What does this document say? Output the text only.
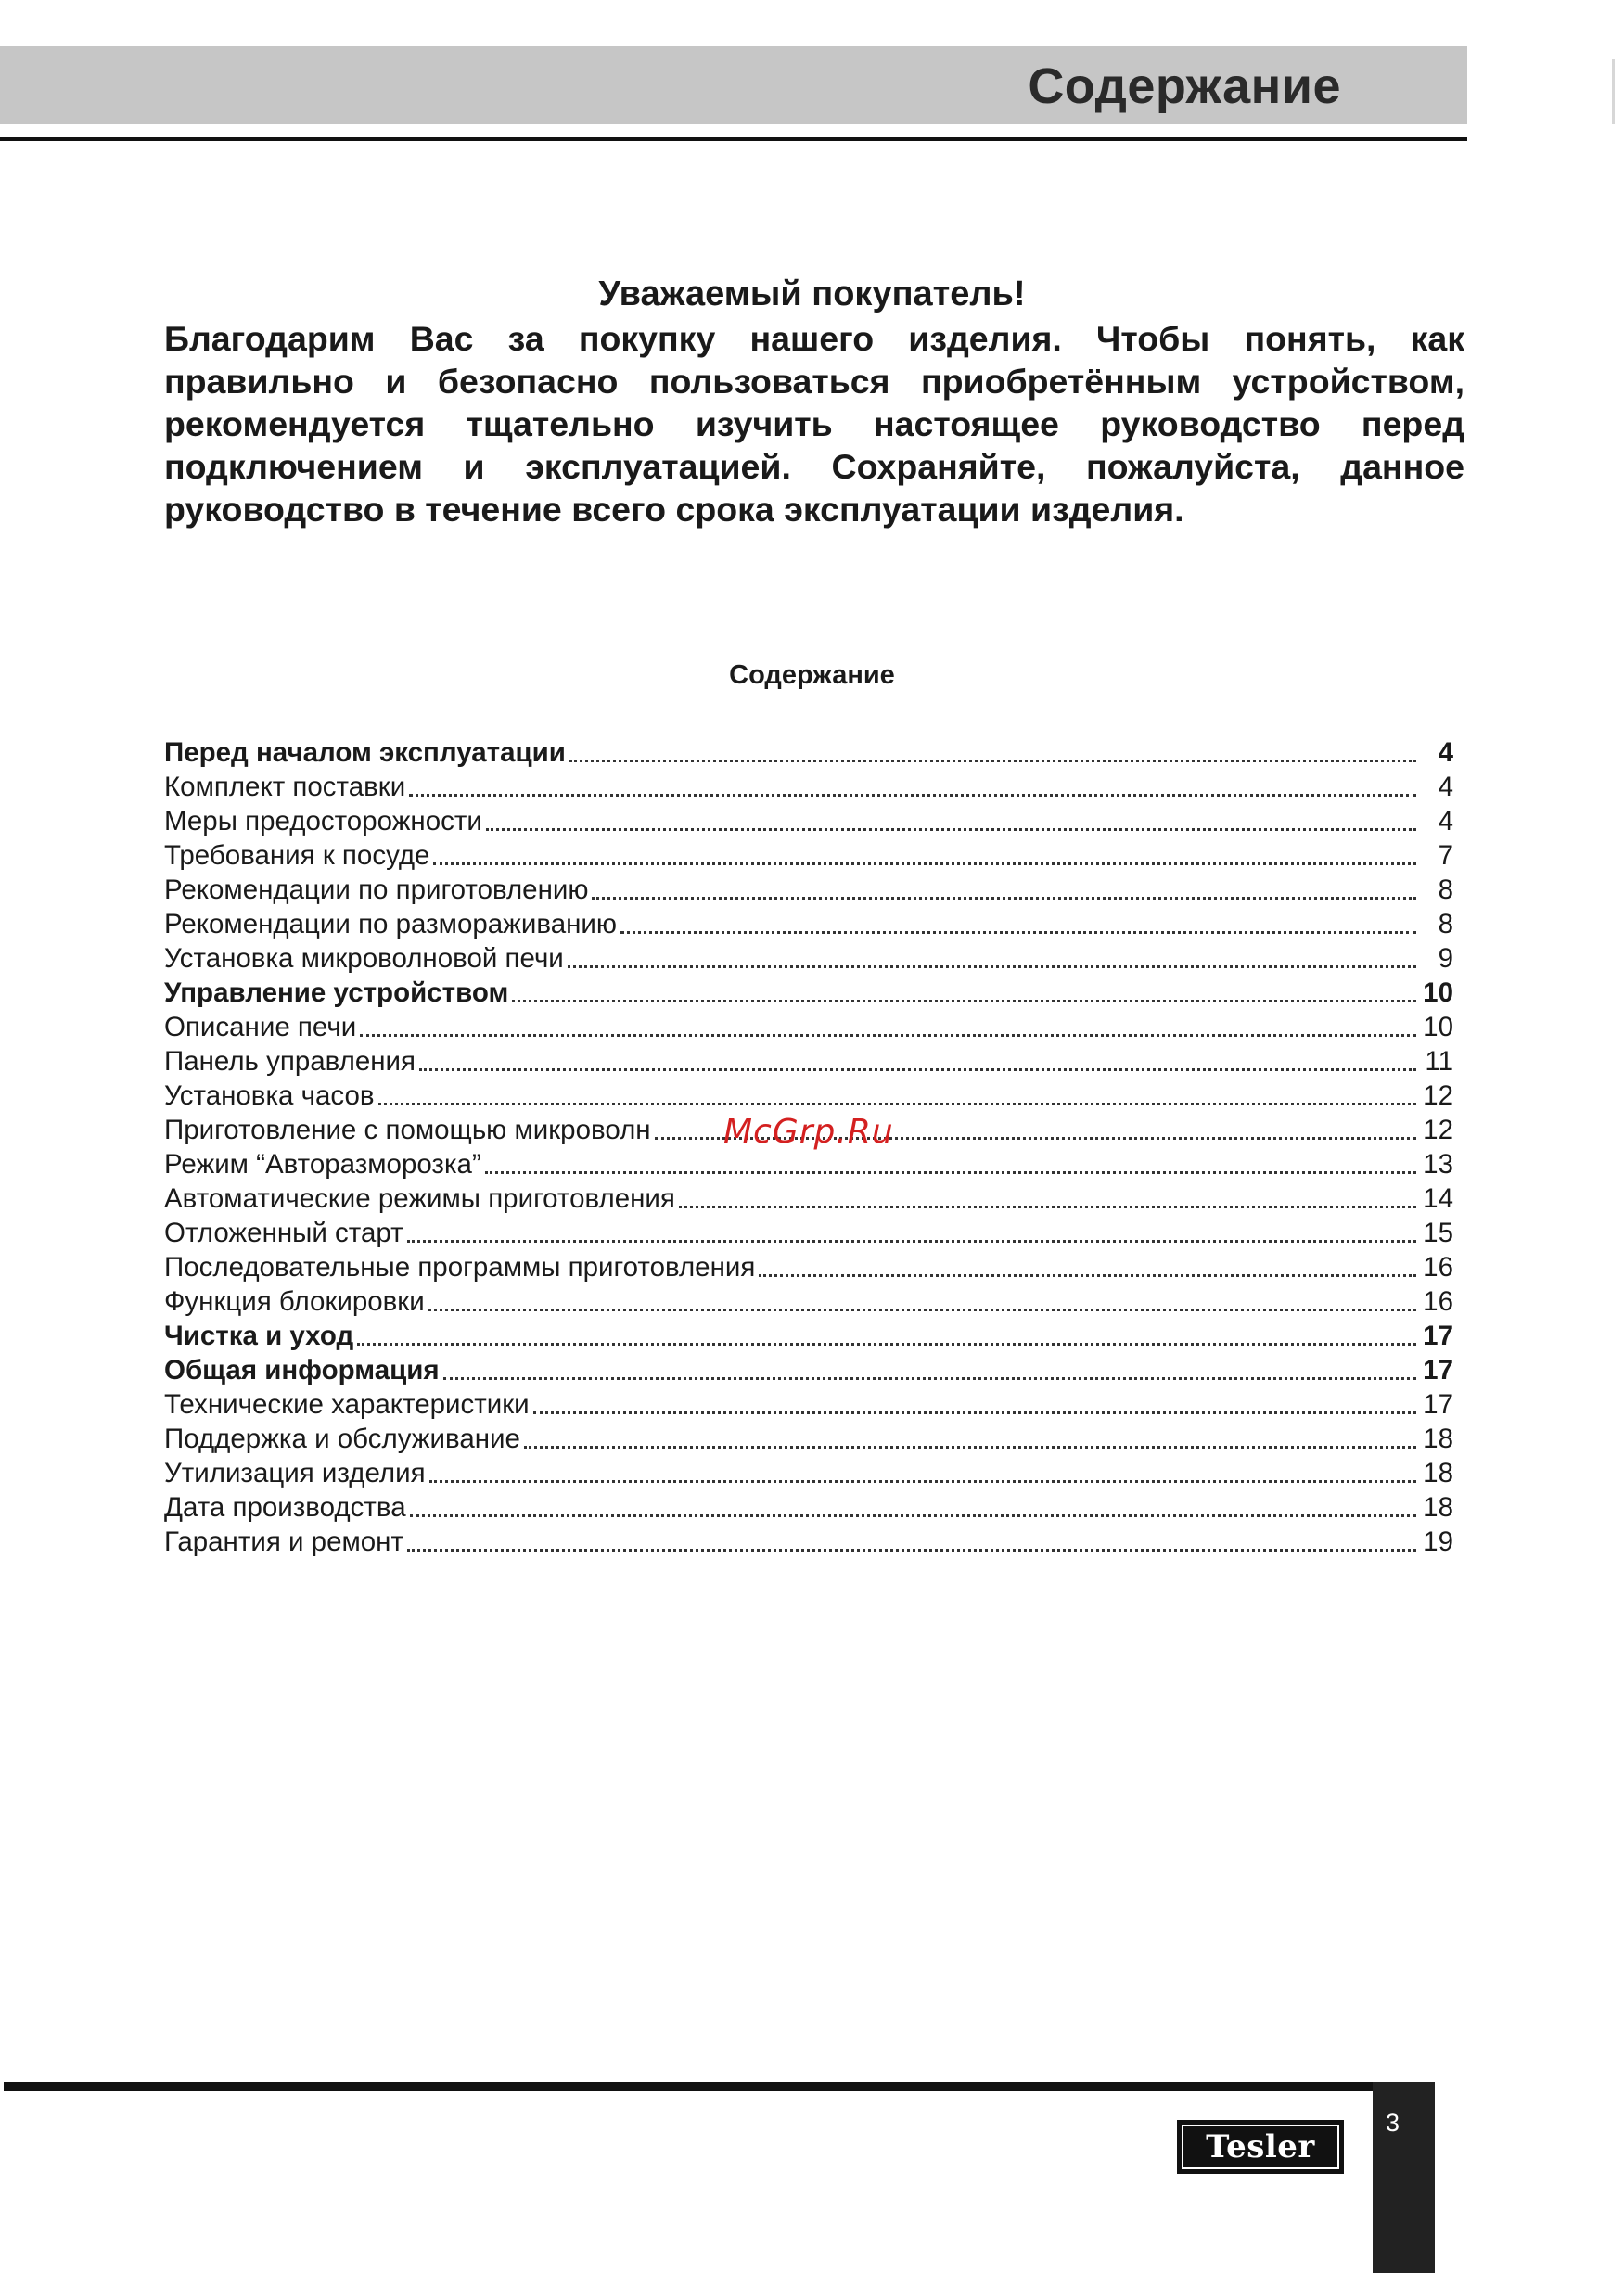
Содержание
Уважаемый покупатель!
Благодарим Вас за покупку нашего изделия. Чтобы понять, как правильно и безопасно пользоваться приобретённым устройством, рекомендуется тщательно изучить настоящее руководство перед подключением и эксплуатацией. Сохраняйте, пожалуйста, данное руководство в течение всего срока эксплуатации изделия.
Содержание
Перед началом эксплуатации	4
Комплект поставки	4
Меры предосторожности	4
Требования к посуде	7
Рекомендации по приготовлению	8
Рекомендации по размораживанию	8
Установка микроволновой печи	9
Управление устройством	10
Описание печи	10
Панель управления	11
Установка часов	12
Приготовление с помощью микроволн	12
Режим “Авторазморозка”	13
Автоматические режимы приготовления	14
Отложенный старт	15
Последовательные программы приготовления	16
Функция блокировки	16
Чистка и уход	17
Общая информация	17
Технические характеристики	17
Поддержка и обслуживание	18
Утилизация изделия	18
Дата производства	18
Гарантия и ремонт	19
McGrp.Ru
3
Tesler
